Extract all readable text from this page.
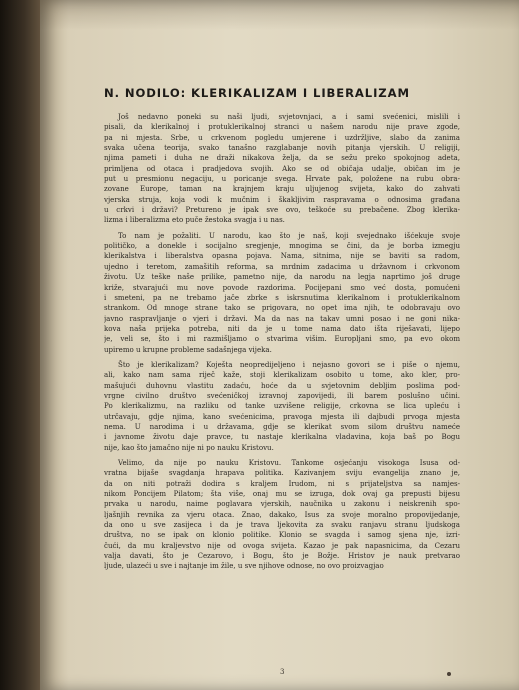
N. NODILO: KLERIKALIZAM I LIBERALIZAM
Još nedavno poneki su naši ljudi, svjetovnjaci, a i sami svećenici, mislili i
pisali, da klerikalnoj i protuklerikalnoj stranci u našem narodu nije prave zgode,
pa ni mjesta. Srbe, u crkvenom pogledu umjerene i uzdržljive, slabo da zanima
svaka učena teorija, svako tanašno razglabanje novih pitanja vjerskih. U religiji,
njima pameti i duha ne draži nikakova želja, da se sežu preko spokojnog adeta,
primljena od otaca i pradjedova svojih. Ako se od običaja udalje, običan im je
put u presmionu negaciju, u poricanje svega. Hrvate pak, položene na rubu obra-
zovane Europe, taman na krajnjem kraju ulјujenog svijeta, kako do zahvati
vjerska struja, koja vodi k mučnim i škakljivim raspravama o odnosima građana
u crkvi i državi? Pretureno je ipak sve ovo, teškoće su prebačene. Zbog klerika-
lizma i liberalizma eto puče žestoka svagja i u nas.
To nam je požaliti. U narodu, kao što je naš, koji svejednako išćekuje svoje
političko, a donekle i socijalno sregjenje, mnogima se čini, da je borba izmegju
klerikalstva i liberalstva opasna pojava. Nama, sitnima, nije se baviti sa radom,
ujedno i teretom, zamašitih reforma, sa mrdnim zadacima u državnom i crkvonom
životu. Uz teške naše prilike, pametno nije, da narodu na legja naprtimo još druge
križe, stvarajući mu nove povode razdorima. Pocijepani smo već dosta, pomućeni
i smeteni, pa ne trebamo jače zbrke s iskrsnutima klerikalnom i protuklerikalnom
strankom. Od mnoge strane tako se prigovara, no opet ima njih, te odobravaju ovo
javno raspravljanje o vjeri i državi. Ma da nas na takav umni posao i ne goni nika-
kova naša prijeka potreba, niti da je u tome nama dato išta riješavati, lijepo
je, veli se, što i mi razmišljamo o stvarima višim. Europljani smo, pa evo okom
upiremo u krupne probleme sadašnjega vijeka.
Što je klerikalizam? Koješta neopredijeljeno i nejasno govori se i piše o njemu,
ali, kako nam sama riječ kaže, stoji klerikalizam osobito u tome, ako kler, pro-
mašujući duhovnu vlastitu zadaću, hoće da u svjetovnim debljim poslima pod-
vrgne civilno društvo svećeničkoj izravnoj zapovijedi, ili barem poslušno učini.
Po klerikalizmu, na razliku od tanke uzvišene religije, crkovna se lica upleću i
utrčavaju, gdje njima, kano svećenicima, pravoga mjesta ili dajbudi prvoga mjesta
nema. U narodima i u državama, gdje se klerikat svom silom društvu nameće
i javnome životu daje pravce, tu nastaje klerikalna vladavina, koja baš po Bogu
nije, kao što jamačno nije ni po nauku Kristovu.
Velimo, da nije po nauku Kristovu. Tankome osjećanju visokoga Isusa od-
vratna bijaše svagdanja hrapava politika. Kazivanjem sviju evangelija znano je,
da on niti potraži dodira s kraljem Irudom, ni s prijateljstva sa namjes-
nikom Poncijem Pilatom; šta više, onaj mu se izruga, dok ovaj ga prepusti bijesu
prvaka u narodu, naime poglavara vjerskih, naučnika u zakonu i neiskrenih spo-
ljašnjih revnika za vjeru otaca. Znao, dakako, Isus za svoje moralno propovijedanje,
da ono u sve zasijeca i da je trava ljekovita za svaku ranjavu stranu ljudskoga
društva, no se ipak on klonio politike. Klonio se svagda i samog sjena nje, izri-
čući, da mu kraljevstvo nije od ovoga svijeta. Kazao je pak napasnicima, da Cezaru
valja davati, što je Cezarovo, i Bogu, što je Božje. Hristov je nauk pretvarao
ljude, ulazeći u sve i najtanje im žile, u sve njihove odnose, no ovo proizvagjao
3
